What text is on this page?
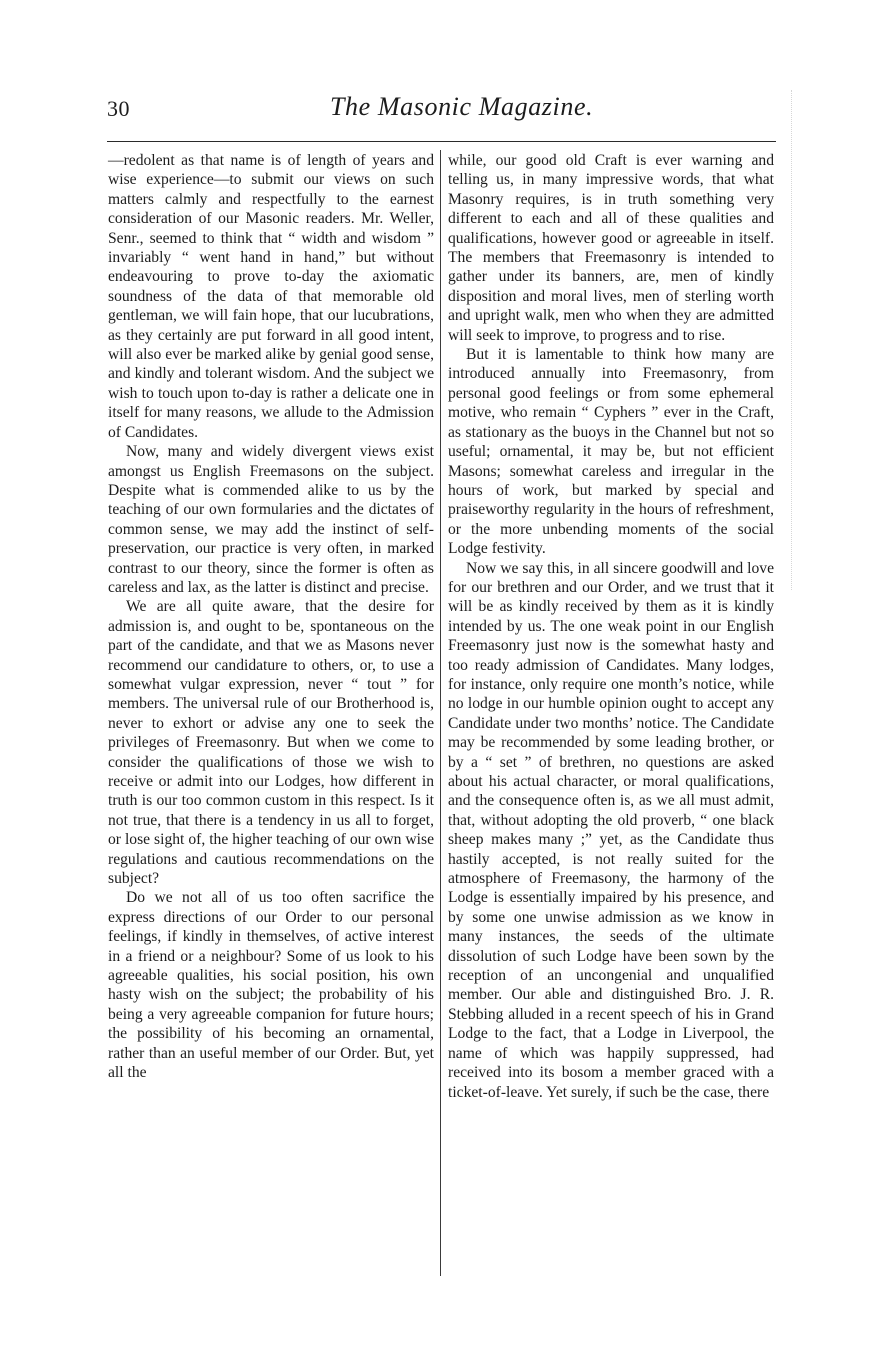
30	The Masonic Magazine.

—redolent as that name is of length of years and wise experience—to submit our views on such matters calmly and respectfully to the earnest consideration of our Masonic readers. Mr. Weller, Senr., seemed to think that “ width and wisdom ” invariably “ went hand in hand,” but without endeavouring to prove to-day the axiomatic soundness of the data of that memorable old gentleman, we will fain hope, that our lucubrations, as they certainly are put forward in all good intent, will also ever be marked alike by genial good sense, and kindly and tolerant wisdom. And the subject we wish to touch upon to-day is rather a delicate one in itself for many reasons, we allude to the Admission of Candidates.

Now, many and widely divergent views exist amongst us English Freemasons on the subject. Despite what is commended alike to us by the teaching of our own formularies and the dictates of common sense, we may add the instinct of self-preservation, our practice is very often, in marked contrast to our theory, since the former is often as careless and lax, as the latter is distinct and precise.

We are all quite aware, that the desire for admission is, and ought to be, spontaneous on the part of the candidate, and that we as Masons never recommend our candidature to others, or, to use a somewhat vulgar expression, never “ tout ” for members. The universal rule of our Brotherhood is, never to exhort or advise any one to seek the privileges of Freemasonry. But when we come to consider the qualifications of those we wish to receive or admit into our Lodges, how different in truth is our too common custom in this respect. Is it not true, that there is a tendency in us all to forget, or lose sight of, the higher teaching of our own wise regulations and cautious recommendations on the subject?

Do we not all of us too often sacrifice the express directions of our Order to our personal feelings, if kindly in themselves, of active interest in a friend or a neighbour? Some of us look to his agreeable qualities, his social position, his own hasty wish on the subject; the probability of his being a very agreeable companion for future hours; the possibility of his becoming an ornamental, rather than an useful member of our Order. But, yet all the

while, our good old Craft is ever warning and telling us, in many impressive words, that what Masonry requires, is in truth something very different to each and all of these qualities and qualifications, however good or agreeable in itself. The members that Freemasonry is intended to gather under its banners, are, men of kindly disposition and moral lives, men of sterling worth and upright walk, men who when they are admitted will seek to improve, to progress and to rise.

But it is lamentable to think how many are introduced annually into Freemasonry, from personal good feelings or from some ephemeral motive, who remain “ Cyphers ” ever in the Craft, as stationary as the buoys in the Channel but not so useful; ornamental, it may be, but not efficient Masons; somewhat careless and irregular in the hours of work, but marked by special and praiseworthy regularity in the hours of refreshment, or the more unbending moments of the social Lodge festivity.

Now we say this, in all sincere goodwill and love for our brethren and our Order, and we trust that it will be as kindly received by them as it is kindly intended by us. The one weak point in our English Freemasonry just now is the somewhat hasty and too ready admission of Candidates. Many lodges, for instance, only require one month’s notice, while no lodge in our humble opinion ought to accept any Candidate under two months’ notice. The Candidate may be recommended by some leading brother, or by a “ set ” of brethren, no questions are asked about his actual character, or moral qualifications, and the consequence often is, as we all must admit, that, without adopting the old proverb, “ one black sheep makes many ;” yet, as the Candidate thus hastily accepted, is not really suited for the atmosphere of Freemasony, the harmony of the Lodge is essentially impaired by his presence, and by some one unwise admission as we know in many instances, the seeds of the ultimate dissolution of such Lodge have been sown by the reception of an uncongenial and unqualified member. Our able and distinguished Bro. J. R. Stebbing alluded in a recent speech of his in Grand Lodge to the fact, that a Lodge in Liverpool, the name of which was happily suppressed, had received into its bosom a member graced with a ticket-of-leave. Yet surely, if such be the case, there
